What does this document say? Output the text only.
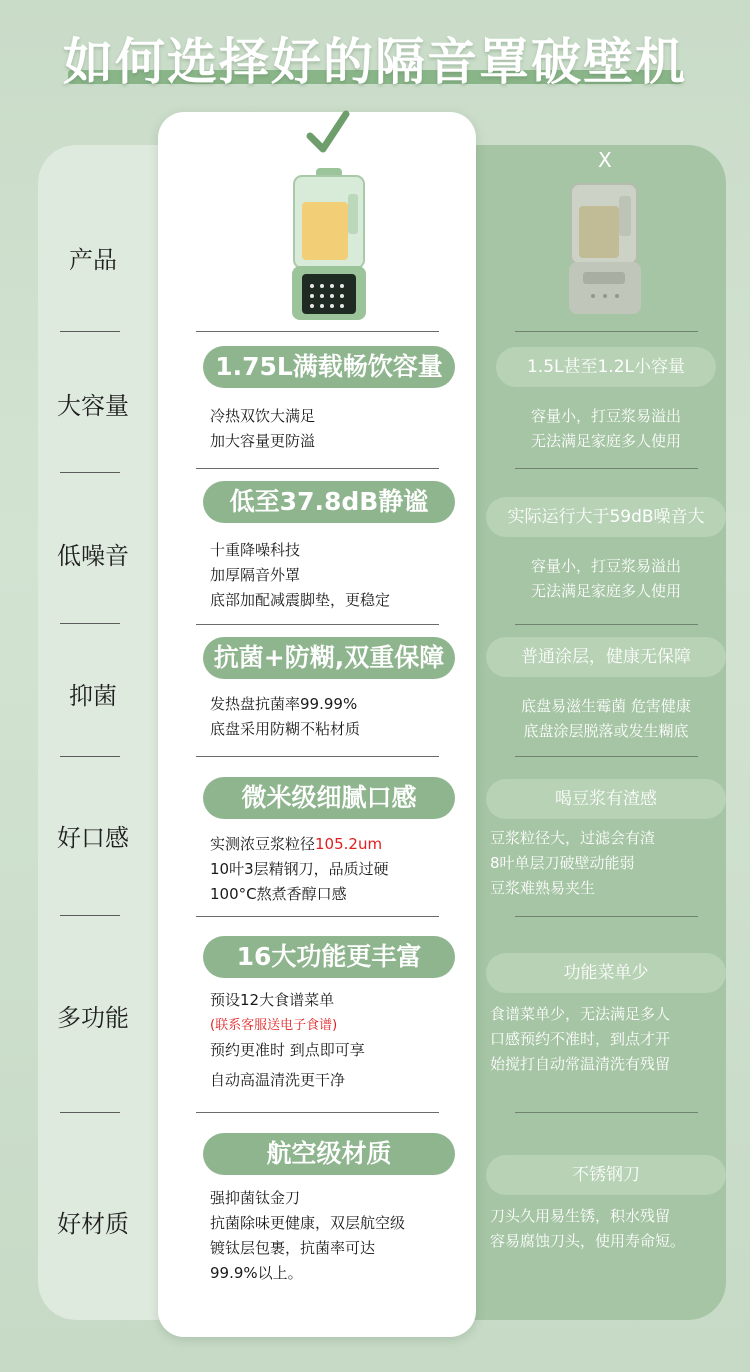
如何选择好的隔音罩破壁机
X
产品
大容量
低噪音
抑菌
好口感
多功能
好材质
1.75L满载畅饮容量
冷热双饮大满足
加大容量更防溢
低至37.8dB静谧
十重降噪科技
加厚隔音外罩
底部加配减震脚垫，更稳定
抗菌+防糊,双重保障
发热盘抗菌率99.99%
底盘采用防糊不粘材质
微米级细腻口感
实测浓豆浆粒径105.2um
10叶3层精钢刀，品质过硬
100°C熬煮香醇口感
16大功能更丰富
预设12大食谱菜单
(联系客服送电子食谱)
预约更准时 到点即可享
自动高温清洗更干净
航空级材质
强抑菌钛金刀
抗菌除味更健康，双层航空级
镀钛层包裹，抗菌率可达
99.9%以上。
1.5L甚至1.2L小容量
容量小，打豆浆易溢出
无法满足家庭多人使用
实际运行大于59dB噪音大
容量小，打豆浆易溢出
无法满足家庭多人使用
普通涂层，健康无保障
底盘易滋生霉菌 危害健康
底盘涂层脱落或发生糊底
喝豆浆有渣感
豆浆粒径大，过滤会有渣
8叶单层刀破壁动能弱
豆浆难熟易夹生
功能菜单少
食谱菜单少，无法满足多人
口感预约不准时，到点才开
始搅打自动常温清洗有残留
不锈钢刀
刀头久用易生锈，积水残留
容易腐蚀刀头，使用寿命短。
